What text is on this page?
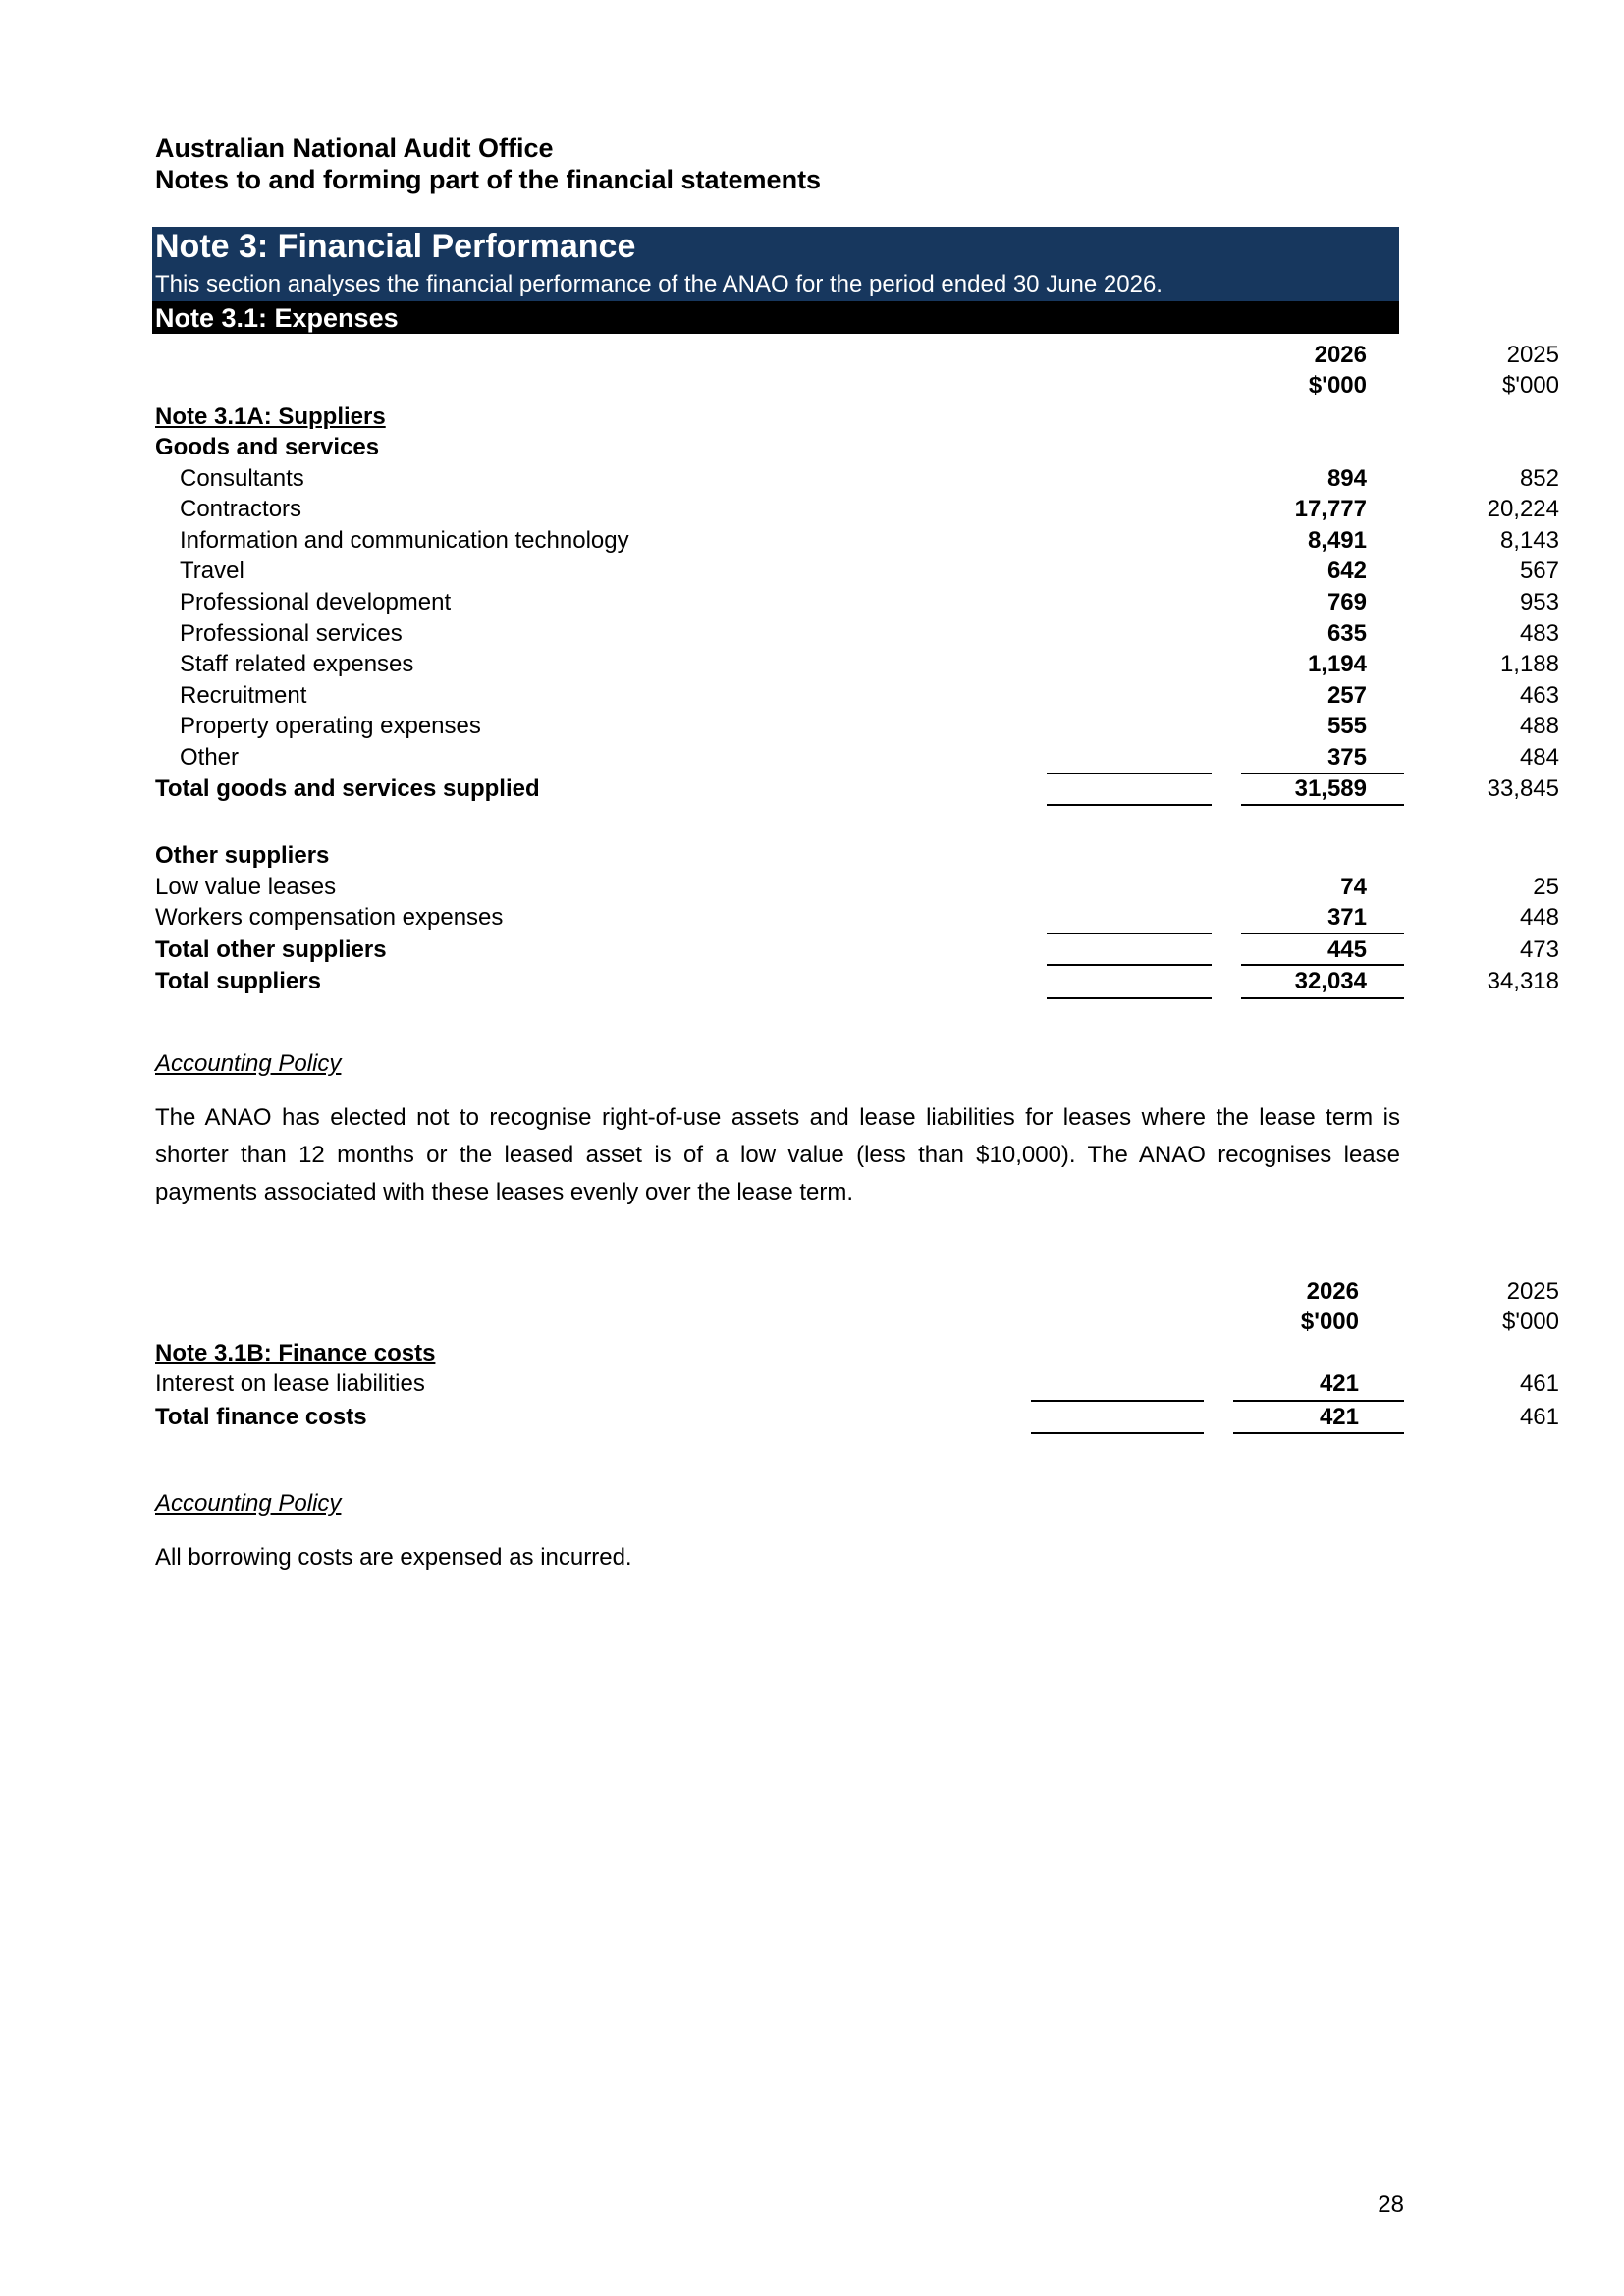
Australian National Audit Office
Notes to and forming part of the financial statements
Note 3: Financial Performance
This section analyses the financial performance of the ANAO for the period ended 30 June 2026.
Note 3.1: Expenses
2026	2025
$'000	$'000
Note 3.1A: Suppliers
Goods and services
Consultants	894	852
Contractors	17,777	20,224
Information and communication technology	8,491	8,143
Travel	642	567
Professional development	769	953
Professional services	635	483
Staff related expenses	1,194	1,188
Recruitment	257	463
Property operating expenses	555	488
Other	375	484
Total goods and services supplied	31,589	33,845
Other suppliers
Low value leases	74	25
Workers compensation expenses	371	448
Total other suppliers	445	473
Total suppliers	32,034	34,318
Accounting Policy
The ANAO has elected not to recognise right-of-use assets and lease liabilities for leases where the lease term is shorter than 12 months or the leased asset is of a low value (less than $10,000). The ANAO recognises lease payments associated with these leases evenly over the lease term.
2026	2025
$'000	$'000
Note 3.1B: Finance costs
Interest on lease liabilities	421	461
Total finance costs	421	461
Accounting Policy
All borrowing costs are expensed as incurred.
28
